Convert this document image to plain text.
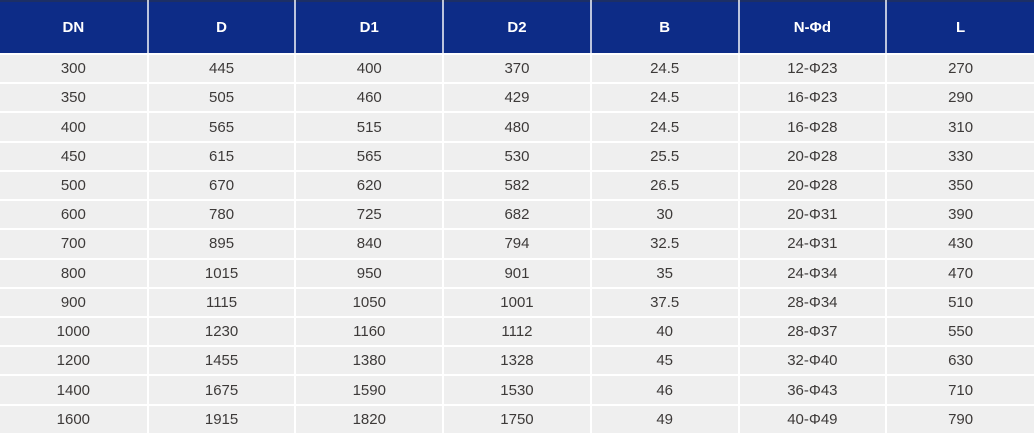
DN	D	D1	D2	B	N-Φd	L
300	445	400	370	24.5	12-Φ23	270
350	505	460	429	24.5	16-Φ23	290
400	565	515	480	24.5	16-Φ28	310
450	615	565	530	25.5	20-Φ28	330
500	670	620	582	26.5	20-Φ28	350
600	780	725	682	30	20-Φ31	390
700	895	840	794	32.5	24-Φ31	430
800	1015	950	901	35	24-Φ34	470
900	1115	1050	1001	37.5	28-Φ34	510
1000	1230	1160	1112	40	28-Φ37	550
1200	1455	1380	1328	45	32-Φ40	630
1400	1675	1590	1530	46	36-Φ43	710
1600	1915	1820	1750	49	40-Φ49	790
